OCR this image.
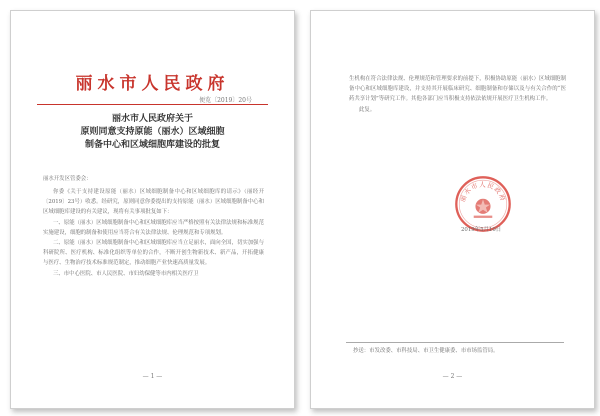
丽水市人民政府
便览〔2019〕20号
丽水市人民政府关于
原则同意支持原能（丽水）区域细胞
制备中心和区域细胞库建设的批复
丽水开发区管委会：

你委《关于支持建设原能（丽水）区域细胞制备中心和区域细胞库的请示》（丽经开〔2019〕23号）收悉。经研究，原则同意你委提出的支持原能（丽水）区域细胞制备中心和区域细胞库建设的有关建议，现将有关事项批复如下：

一、原能（丽水）区域细胞制备中心和区域细胞库应当严格按照有关法律法规和标准规范实施建设，细胞的制备和使用应当符合有关法律法规、伦理规范和专项规划。

二、原能（丽水）区域细胞制备中心和区域细胞库应当立足丽水，面向全国，切实加强与科研院所、医疗机构、标准化组织等单位的合作，不断开创生物新技术、新产品，开拓健康与医疗、生物治疗技术标准规范制定，推动细胞产业快速高质量发展。

三、市中心医院、市人民医院、市妇幼保健等市内相关医疗卫

— 1 —

生机构在符合法律法规、伦理规范和管理要求的前提下，积极协助原能（丽水）区域细胞制备中心和区域细胞库建设，并支持其开展临床研究、细胞制备和存储以及与有关合作的“医药共享计划”等研究工作。其他各部门应当积极支持依法依规开展医疗卫生机构工作。

此复。

丽水市人民政府
2019年5月10日
抄送：市发改委、市科技局、市卫生健康委、市市场监管局。
— 2 —
